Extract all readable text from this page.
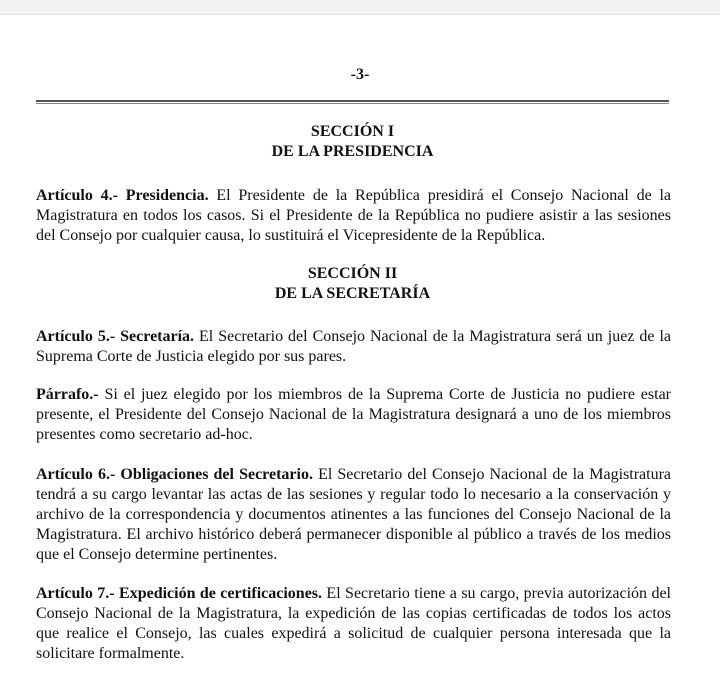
-3-
SECCIÓN I
DE LA PRESIDENCIA
Artículo 4.- Presidencia. El Presidente de la República presidirá el Consejo Nacional de la Magistratura en todos los casos. Si el Presidente de la República no pudiere asistir a las sesiones del Consejo por cualquier causa, lo sustituirá el Vicepresidente de la República.
SECCIÓN II
DE LA SECRETARÍA
Artículo 5.- Secretaría. El Secretario del Consejo Nacional de la Magistratura será un juez de la Suprema Corte de Justicia elegido por sus pares.
Párrafo.- Si el juez elegido por los miembros de la Suprema Corte de Justicia no pudiere estar presente, el Presidente del Consejo Nacional de la Magistratura designará a uno de los miembros presentes como secretario ad-hoc.
Artículo 6.- Obligaciones del Secretario. El Secretario del Consejo Nacional de la Magistratura tendrá a su cargo levantar las actas de las sesiones y regular todo lo necesario a la conservación y archivo de la correspondencia y documentos atinentes a las funciones del Consejo Nacional de la Magistratura. El archivo histórico deberá permanecer disponible al público a través de los medios que el Consejo determine pertinentes.
Artículo 7.- Expedición de certificaciones. El Secretario tiene a su cargo, previa autorización del Consejo Nacional de la Magistratura, la expedición de las copias certificadas de todos los actos que realice el Consejo, las cuales expedirá a solicitud de cualquier persona interesada que la solicitare formalmente.
